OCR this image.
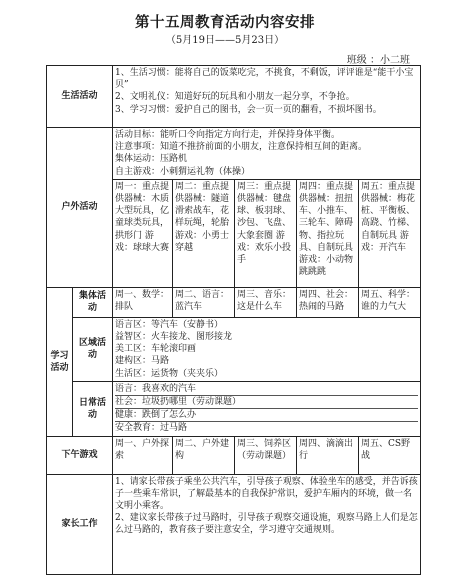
第十五周教育活动内容安排
（5月19日——5月23日）
班级 ：小二班
生活活动		1、生活习惯：能将自己的饭菜吃完，不挑食，不剩饭，评评谁是“能干小宝贝”
2、文明礼仪：知道好玩的玩具和小朋友一起分享，不争抢。
3、学习习惯：爱护自己的图书，会一页一页的翻看，不损坏图书。				

户外活动		活动目标：能听口令向指定方向行走，并保持身体平衡。
注意事项：知道不推挤前面的小朋友，注意保持相互间的距离。
集体运动：压路机
自主游戏：小刺猬运礼物（体操）				

		周一：重点提供器械：木质大型玩具，亿童球类玩具，拱形门 游戏：球球大赛	周二：重点提供器械：隧道滑索战车，花样玩绳，轮胎游戏：小勇士穿越	周三：重点提供器械：毽盘球、板羽球、沙包、飞盘、大象套圈 游戏：欢乐小投手	周四：重点提供器械：扭扭车、小推车、三轮车、障碍物、指拉玩具、自制玩具游戏：小动物跳跳跳	周五：重点提供器械：梅花桩、平衡板、高跷、竹梯、自制玩具 游戏：开汽车
学习活动	集体活动	周一、数学：排队	周二、语言：蓝汽车	周三、音乐：这是什么车	周四、社会：热闹的马路	周五、科学：谁的力气大
	区域活动	语言区：等汽车（安静书）
益智区：火车接龙、图形接龙
美工区：车轮滚印画
建构区：马路
生活区：运货物（夹夹乐）				

	日常活动	语言：我喜欢的汽车
社会：垃圾扔哪里（劳动课题）
健康：跌倒了怎么办
安全教育：过马路				

下午游戏		周一、户外探索	周二、户外建构	周三、饲养区（劳动课题）	周四、滴滴出行	周五、CS野战
家长工作		1、请家长带孩子乘坐公共汽车，引导孩子观察、体验坐车的感受，并告诉孩子一些乘车常识，了解最基本的自我保护常识，爱护车厢内的环境，做一名文明小乘客。
2、建议家长带孩子过马路时，引导孩子观察交通设施，观察马路上人们是怎么过马路的，教育孩子要注意安全，学习遵守交通规则。				
